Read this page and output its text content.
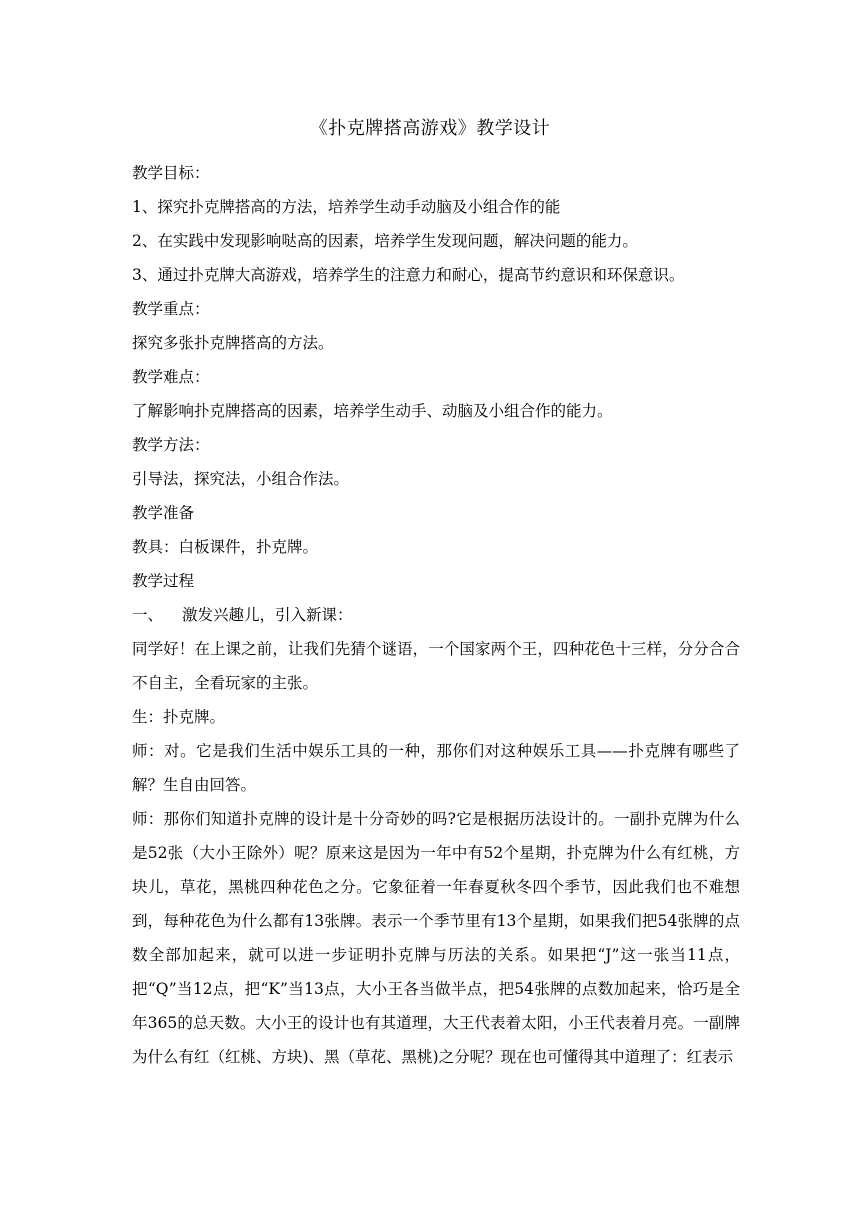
《扑克牌搭高游戏》教学设计

教学目标：

1、探究扑克牌搭高的方法，培养学生动手动脑及小组合作的能

2、在实践中发现影响哒高的因素，培养学生发现问题，解决问题的能力。

3、通过扑克牌大高游戏，培养学生的注意力和耐心，提高节约意识和环保意识。

教学重点：

探究多张扑克牌搭高的方法。

教学难点：

了解影响扑克牌搭高的因素，培养学生动手、动脑及小组合作的能力。

教学方法：

引导法，探究法，小组合作法。

教学准备

教具：白板课件，扑克牌。

教学过程

一、 激发兴趣儿，引入新课：

同学好！在上课之前，让我们先猜个谜语，一个国家两个王，四种花色十三样，分分合合不自主，全看玩家的主张。

生：扑克牌。

师：对。它是我们生活中娱乐工具的一种，那你们对这种娱乐工具——扑克牌有哪些了解？生自由回答。

师：那你们知道扑克牌的设计是十分奇妙的吗?它是根据历法设计的。一副扑克牌为什么是52张（大小王除外）呢？原来这是因为一年中有52个星期，扑克牌为什么有红桃，方块儿，草花，黑桃四种花色之分。它象征着一年春夏秋冬四个季节，因此我们也不难想到，每种花色为什么都有13张牌。表示一个季节里有13个星期，如果我们把54张牌的点数全部加起来，就可以进一步证明扑克牌与历法的关系。如果把“J”这一张当11点，把“Q”当12点，把“K”当13点，大小王各当做半点，把54张牌的点数加起来，恰巧是全年365的总天数。大小王的设计也有其道理，大王代表着太阳，小王代表着月亮。一副牌为什么有红（红桃、方块)、黑（草花、黑桃)之分呢？现在也可懂得其中道理了：红表示
